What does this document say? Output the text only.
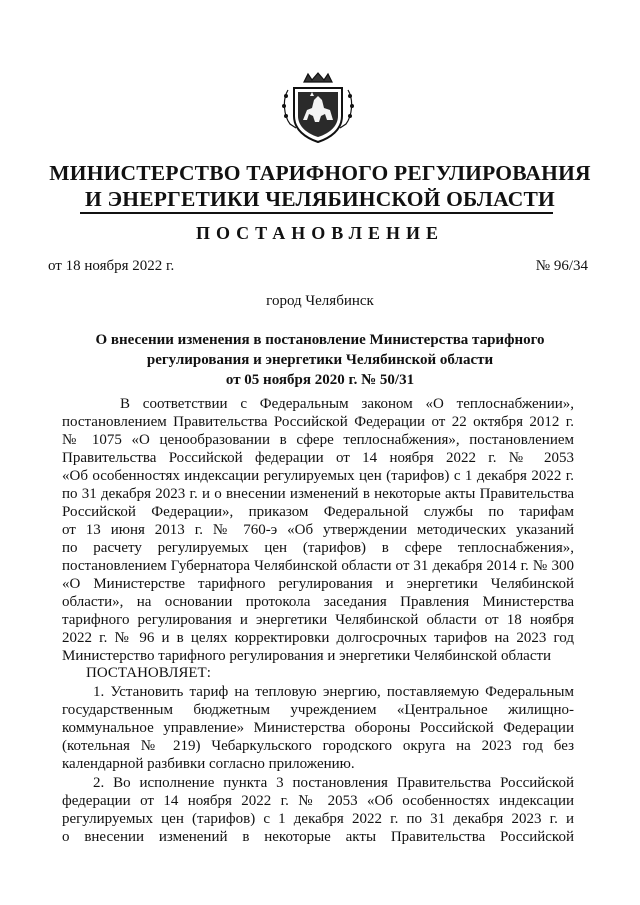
МИНИСТЕРСТВО ТАРИФНОГО РЕГУЛИРОВАНИЯ
И ЭНЕРГЕТИКИ ЧЕЛЯБИНСКОЙ ОБЛАСТИ
ПОСТАНОВЛЕНИЕ
от 18 ноября 2022 г.	№ 96/34
город Челябинск
О внесении изменения в постановление Министерства тарифного
регулирования и энергетики Челябинской области
от 05 ноября 2020 г. № 50/31
В соответствии с Федеральным законом «О теплоснабжении»,
постановлением Правительства Российской Федерации от 22 октября 2012 г.
№ 1075 «О ценообразовании в сфере теплоснабжения», постановлением
Правительства Российской федерации от 14 ноября 2022 г. № 2053
«Об особенностях индексации регулируемых цен (тарифов) с 1 декабря 2022 г.
по 31 декабря 2023 г. и о внесении изменений в некоторые акты Правительства
Российской Федерации», приказом Федеральной службы по тарифам
от 13 июня 2013 г. № 760-э «Об утверждении методических указаний
по расчету регулируемых цен (тарифов) в сфере теплоснабжения»,
постановлением Губернатора Челябинской области от 31 декабря 2014 г. № 300
«О Министерстве тарифного регулирования и энергетики Челябинской
области», на основании протокола заседания Правления Министерства
тарифного регулирования и энергетики Челябинской области от 18 ноября
2022 г. № 96 и в целях корректировки долгосрочных тарифов на 2023 год
Министерство тарифного регулирования и энергетики Челябинской области
ПОСТАНОВЛЯЕТ:
1. Установить тариф на тепловую энергию, поставляемую Федеральным
государственным бюджетным учреждением «Центральное жилищно-
коммунальное управление» Министерства обороны Российской Федерации
(котельная № 219) Чебаркульского городского округа на 2023 год без
календарной разбивки согласно приложению.
2. Во исполнение пункта 3 постановления Правительства Российской
федерации от 14 ноября 2022 г. № 2053 «Об особенностях индексации
регулируемых цен (тарифов) с 1 декабря 2022 г. по 31 декабря 2023 г. и
о внесении изменений в некоторые акты Правительства Российской
